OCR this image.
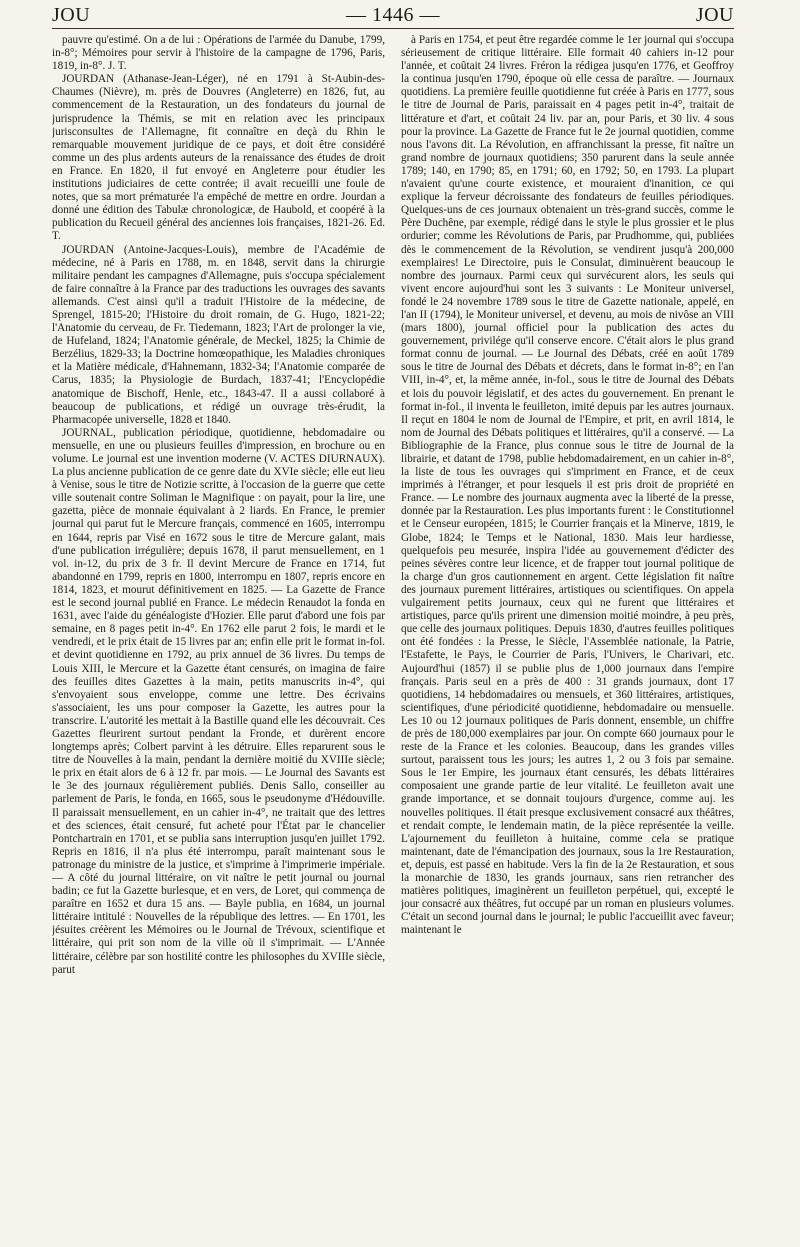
JOU	— 1446 —	JOU

pauvre qu'estimé. On a de lui : Opérations de l'armée du Danube, 1799, in-8°; Mémoires pour servir à l'histoire de la campagne de 1796, Paris, 1819, in-8°. J. T.

JOURDAN (Athanase-Jean-Léger), né en 1791 à St-Aubin-des-Chaumes (Nièvre), m. près de Douvres (Angleterre) en 1826, fut, au commencement de la Restauration, un des fondateurs du journal de jurisprudence la Thémis, se mit en relation avec les principaux jurisconsultes de l'Allemagne, fit connaître en deçà du Rhin le remarquable mouvement juridique de ce pays, et doit être considéré comme un des plus ardents auteurs de la renaissance des études de droit en France. En 1820, il fut envoyé en Angleterre pour étudier les institutions judiciaires de cette contrée; il avait recueilli une foule de notes, que sa mort prématurée l'a empêché de mettre en ordre. Jourdan a donné une édition des Tabulæ chronologicæ, de Haubold, et coopéré à la publication du Recueil général des anciennes lois françaises, 1821-26. Ed. T.

JOURDAN (Antoine-Jacques-Louis), membre de l'Académie de médecine, né à Paris en 1788, m. en 1848, servit dans la chirurgie militaire pendant les campagnes d'Allemagne, puis s'occupa spécialement de faire connaître à la France par des traductions les ouvrages des savants allemands. C'est ainsi qu'il a traduit l'Histoire de la médecine, de Sprengel, 1815-20; l'Histoire du droit romain, de G. Hugo, 1821-22; l'Anatomie du cerveau, de Fr. Tiedemann, 1823; l'Art de prolonger la vie, de Hufeland, 1824; l'Anatomie générale, de Meckel, 1825; la Chimie de Berzélius, 1829-33; la Doctrine homœopathique, les Maladies chroniques et la Matière médicale, d'Hahnemann, 1832-34; l'Anatomie comparée de Carus, 1835; la Physiologie de Burdach, 1837-41; l'Encyclopédie anatomique de Bischoff, Henle, etc., 1843-47. Il a aussi collaboré à beaucoup de publications, et rédigé un ouvrage très-érudit, la Pharmacopée universelle, 1828 et 1840.

JOURNAL, publication périodique, quotidienne, hebdomadaire ou mensuelle, en une ou plusieurs feuilles d'impression, en brochure ou en volume. Le journal est une invention moderne (V. ACTES DIURNAUX). La plus ancienne publication de ce genre date du XVIe siècle; elle eut lieu à Venise, sous le titre de Notizie scritte, à l'occasion de la guerre que cette ville soutenait contre Soliman le Magnifique : on payait, pour la lire, une gazetta, pièce de monnaie équivalant à 2 liards. En France, le premier journal qui parut fut le Mercure français, commencé en 1605, interrompu en 1644, repris par Visé en 1672 sous le titre de Mercure galant, mais d'une publication irrégulière; depuis 1678, il parut mensuellement, en 1 vol. in-12, du prix de 3 fr. Il devint Mercure de France en 1714, fut abandonné en 1799, repris en 1800, interrompu en 1807, repris encore en 1814, 1823, et mourut définitivement en 1825. — La Gazette de France est le second journal publié en France. Le médecin Renaudot la fonda en 1631, avec l'aide du généalogiste d'Hozier. Elle parut d'abord une fois par semaine, en 8 pages petit in-4°. En 1762 elle parut 2 fois, le mardi et le vendredi, et le prix était de 15 livres par an; enfin elle prit le format in-fol. et devint quotidienne en 1792, au prix annuel de 36 livres. Du temps de Louis XIII, le Mercure et la Gazette étant censurés, on imagina de faire des feuilles dites Gazettes à la main, petits manuscrits in-4°, qui s'envoyaient sous enveloppe, comme une lettre. Des écrivains s'associaient, les uns pour composer la Gazette, les autres pour la transcrire. L'autorité les mettait à la Bastille quand elle les découvrait. Ces Gazettes fleurirent surtout pendant la Fronde, et durèrent encore longtemps après; Colbert parvint à les détruire. Elles reparurent sous le titre de Nouvelles à la main, pendant la dernière moitié du XVIIIe siècle; le prix en était alors de 6 à 12 fr. par mois. — Le Journal des Savants est le 3e des journaux régulièrement publiés. Denis Sallo, conseiller au parlement de Paris, le fonda, en 1665, sous le pseudonyme d'Hédouville. Il paraissait mensuellement, en un cahier in-4°, ne traitait que des lettres et des sciences, était censuré, fut acheté pour l'État par le chancelier Pontchartrain en 1701, et se publia sans interruption jusqu'en juillet 1792. Repris en 1816, il n'a plus été interrompu, paraît maintenant sous le patronage du ministre de la justice, et s'imprime à l'imprimerie impériale. — A côté du journal littéraire, on vit naître le petit journal ou journal badin; ce fut la Gazette burlesque, et en vers, de Loret, qui commença de paraître en 1652 et dura 15 ans. — Bayle publia, en 1684, un journal littéraire intitulé : Nouvelles de la république des lettres. — En 1701, les jésuites créèrent les Mémoires ou le Journal de Trévoux, scientifique et littéraire, qui prit son nom de la ville où il s'imprimait. — L'Année littéraire, célèbre par son hostilité contre les philosophes du XVIIIe siècle, parut

à Paris en 1754, et peut être regardée comme le 1er journal qui s'occupa sérieusement de critique littéraire. Elle formait 40 cahiers in-12 pour l'année, et coûtait 24 livres. Fréron la rédigea jusqu'en 1776, et Geoffroy la continua jusqu'en 1790, époque où elle cessa de paraître. — Journaux quotidiens. La première feuille quotidienne fut créée à Paris en 1777, sous le titre de Journal de Paris, paraissait en 4 pages petit in-4°, traitait de littérature et d'art, et coûtait 24 liv. par an, pour Paris, et 30 liv. 4 sous pour la province. La Gazette de France fut le 2e journal quotidien, comme nous l'avons dit. La Révolution, en affranchissant la presse, fit naître un grand nombre de journaux quotidiens; 350 parurent dans la seule année 1789; 140, en 1790; 85, en 1791; 60, en 1792; 50, en 1793. La plupart n'avaient qu'une courte existence, et mouraient d'inanition, ce qui explique la ferveur décroissante des fondateurs de feuilles périodiques. Quelques-uns de ces journaux obtenaient un très-grand succès, comme le Père Duchêne, par exemple, rédigé dans le style le plus grossier et le plus ordurier; comme les Révolutions de Paris, par Prudhomme, qui, publiées dès le commencement de la Révolution, se vendirent jusqu'à 200,000 exemplaires! Le Directoire, puis le Consulat, diminuèrent beaucoup le nombre des journaux. Parmi ceux qui survécurent alors, les seuls qui vivent encore aujourd'hui sont les 3 suivants : Le Moniteur universel, fondé le 24 novembre 1789 sous le titre de Gazette nationale, appelé, en l'an II (1794), le Moniteur universel, et devenu, au mois de nivôse an VIII (mars 1800), journal officiel pour la publication des actes du gouvernement, privilége qu'il conserve encore. C'était alors le plus grand format connu de journal. — Le Journal des Débats, créé en août 1789 sous le titre de Journal des Débats et décrets, dans le format in-8°; en l'an VIII, in-4°, et, la même année, in-fol., sous le titre de Journal des Débats et lois du pouvoir législatif, et des actes du gouvernement. En prenant le format in-fol., il inventa le feuilleton, imité depuis par les autres journaux. Il reçut en 1804 le nom de Journal de l'Empire, et prit, en avril 1814, le nom de Journal des Débats politiques et littéraires, qu'il a conservé. — La Bibliographie de la France, plus connue sous le titre de Journal de la librairie, et datant de 1798, publie hebdomadairement, en un cahier in-8°, la liste de tous les ouvrages qui s'impriment en France, et de ceux imprimés à l'étranger, et pour lesquels il est pris droit de propriété en France. — Le nombre des journaux augmenta avec la liberté de la presse, donnée par la Restauration. Les plus importants furent : le Constitutionnel et le Censeur européen, 1815; le Courrier français et la Minerve, 1819, le Globe, 1824; le Temps et le National, 1830. Mais leur hardiesse, quelquefois peu mesurée, inspira l'idée au gouvernement d'édicter des peines sévères contre leur licence, et de frapper tout journal politique de la charge d'un gros cautionnement en argent. Cette législation fit naître des journaux purement littéraires, artistiques ou scientifiques. On appela vulgairement petits journaux, ceux qui ne furent que littéraires et artistiques, parce qu'ils prirent une dimension moitié moindre, à peu près, que celle des journaux politiques. Depuis 1830, d'autres feuilles politiques ont été fondées : la Presse, le Siècle, l'Assemblée nationale, la Patrie, l'Estafette, le Pays, le Courrier de Paris, l'Univers, le Charivari, etc. Aujourd'hui (1857) il se publie plus de 1,000 journaux dans l'empire français. Paris seul en a près de 400 : 31 grands journaux, dont 17 quotidiens, 14 hebdomadaires ou mensuels, et 360 littéraires, artistiques, scientifiques, d'une périodicité quotidienne, hebdomadaire ou mensuelle. Les 10 ou 12 journaux politiques de Paris donnent, ensemble, un chiffre de près de 180,000 exemplaires par jour. On compte 660 journaux pour le reste de la France et les colonies. Beaucoup, dans les grandes villes surtout, paraissent tous les jours; les autres 1, 2 ou 3 fois par semaine. Sous le 1er Empire, les journaux étant censurés, les débats littéraires composaient une grande partie de leur vitalité. Le feuilleton avait une grande importance, et se donnait toujours d'urgence, comme auj. les nouvelles politiques. Il était presque exclusivement consacré aux théâtres, et rendait compte, le lendemain matin, de la pièce représentée la veille. L'ajournement du feuilleton à huitaine, comme cela se pratique maintenant, date de l'émancipation des journaux, sous la 1re Restauration, et, depuis, est passé en habitude. Vers la fin de la 2e Restauration, et sous la monarchie de 1830, les grands journaux, sans rien retrancher des matières politiques, imaginèrent un feuilleton perpétuel, qui, excepté le jour consacré aux théâtres, fut occupé par un roman en plusieurs volumes. C'était un second journal dans le journal; le public l'accueillit avec faveur; maintenant le
